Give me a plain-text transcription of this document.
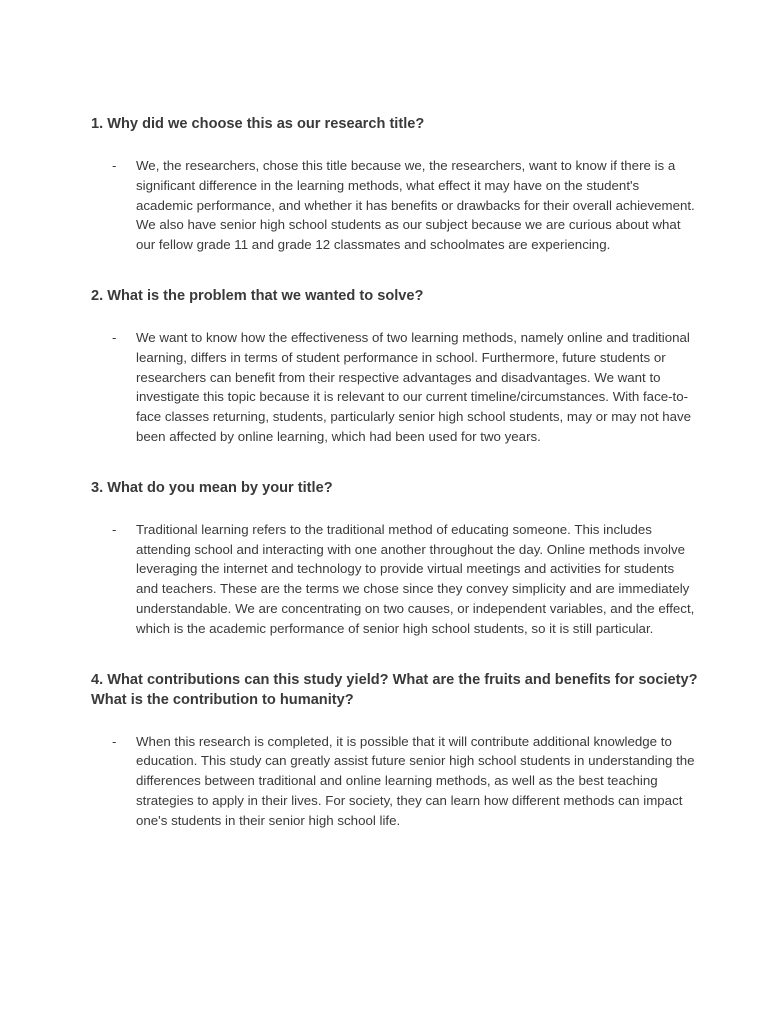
1. Why did we choose this as our research title?

-	We, the researchers, chose this title because we, the researchers, want to know if there is a significant difference in the learning methods, what effect it may have on the student's academic performance, and whether it has benefits or drawbacks for their overall achievement. We also have senior high school students as our subject because we are curious about what our fellow grade 11 and grade 12 classmates and schoolmates are experiencing.

2. What is the problem that we wanted to solve?

-	We want to know how the effectiveness of two learning methods, namely online and traditional learning, differs in terms of student performance in school. Furthermore, future students or researchers can benefit from their respective advantages and disadvantages. We want to investigate this topic because it is relevant to our current timeline/circumstances. With face-to-face classes returning, students, particularly senior high school students, may or may not have been affected by online learning, which had been used for two years.

3. What do you mean by your title?

-	Traditional learning refers to the traditional method of educating someone. This includes attending school and interacting with one another throughout the day. Online methods involve leveraging the internet and technology to provide virtual meetings and activities for students and teachers. These are the terms we chose since they convey simplicity and are immediately understandable. We are concentrating on two causes, or independent variables, and the effect, which is the academic performance of senior high school students, so it is still particular.

4. What contributions can this study yield? What are the fruits and benefits for society? What is the contribution to humanity?

-	When this research is completed, it is possible that it will contribute additional knowledge to education. This study can greatly assist future senior high school students in understanding the differences between traditional and online learning methods, as well as the best teaching strategies to apply in their lives. For society, they can learn how different methods can impact one's students in their senior high school life.
